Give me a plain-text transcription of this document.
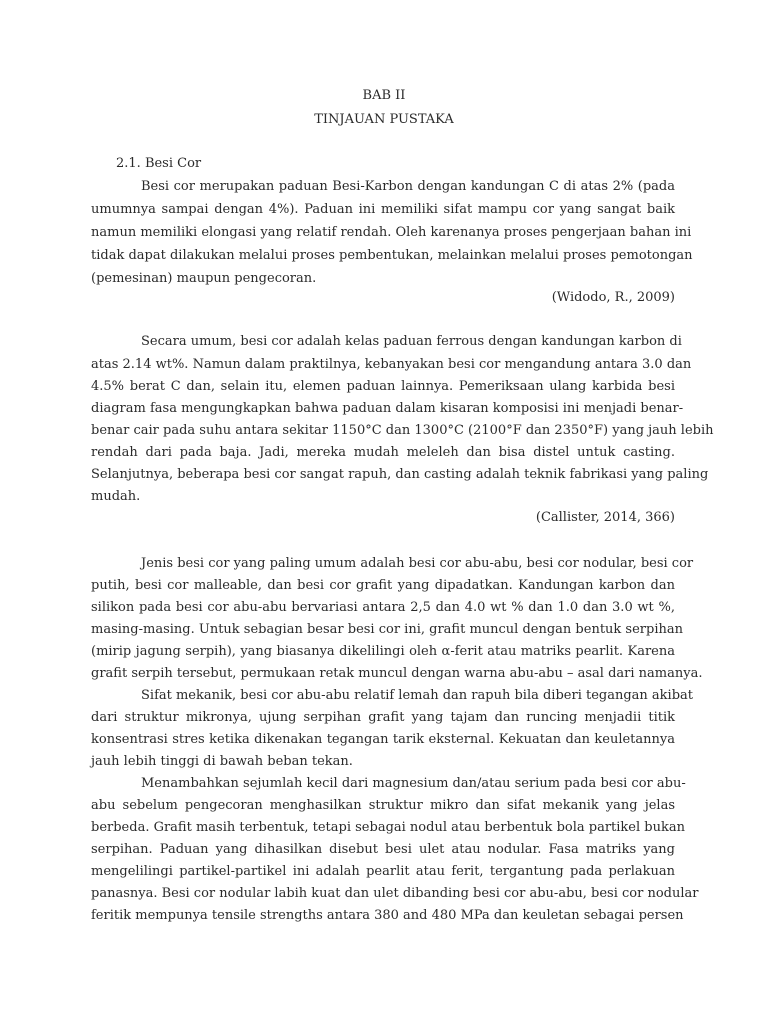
BAB II
TINJAUAN PUSTAKA
2.1. Besi Cor
Besi cor merupakan paduan Besi-Karbon dengan kandungan C di atas 2% (pada
umumnya sampai dengan 4%). Paduan ini memiliki sifat mampu cor yang sangat baik
namun memiliki elongasi yang relatif rendah. Oleh karenanya proses pengerjaan bahan ini
tidak dapat dilakukan melalui proses pembentukan, melainkan melalui proses pemotongan
(pemesinan) maupun pengecoran.
(Widodo, R., 2009)
Secara umum, besi cor adalah kelas paduan ferrous dengan kandungan karbon di
atas 2.14 wt%. Namun dalam praktilnya, kebanyakan besi cor mengandung antara 3.0 dan
4.5% berat C dan, selain itu, elemen paduan lainnya. Pemeriksaan ulang karbida besi
diagram fasa mengungkapkan bahwa paduan dalam kisaran komposisi ini menjadi benar-
benar cair pada suhu antara sekitar 1150°C dan 1300°C (2100°F dan 2350°F) yang jauh lebih
rendah dari pada baja. Jadi, mereka mudah meleleh dan bisa distel untuk casting.
Selanjutnya, beberapa besi cor sangat rapuh, dan casting adalah teknik fabrikasi yang paling
mudah.
(Callister, 2014, 366)
Jenis besi cor yang paling umum adalah besi cor abu-abu, besi cor nodular, besi cor
putih, besi cor malleable, dan besi cor grafit yang dipadatkan. Kandungan karbon dan
silikon pada besi cor abu-abu bervariasi antara 2,5 dan 4.0 wt % dan 1.0 dan 3.0 wt %,
masing-masing. Untuk sebagian besar besi cor ini, grafit muncul dengan bentuk serpihan
(mirip jagung serpih), yang biasanya dikelilingi oleh α-ferit atau matriks pearlit. Karena
grafit serpih tersebut, permukaan retak muncul dengan warna abu-abu – asal dari namanya.
Sifat mekanik, besi cor abu-abu relatif lemah dan rapuh bila diberi tegangan akibat
dari struktur mikronya, ujung serpihan grafit yang tajam dan runcing menjadii titik
konsentrasi stres ketika dikenakan tegangan tarik eksternal. Kekuatan dan keuletannya
jauh lebih tinggi di bawah beban tekan.
Menambahkan sejumlah kecil dari magnesium dan/atau serium pada besi cor abu-
abu sebelum pengecoran menghasilkan struktur mikro dan sifat mekanik yang jelas
berbeda. Grafit masih terbentuk, tetapi sebagai nodul atau berbentuk bola partikel bukan
serpihan. Paduan yang dihasilkan disebut besi ulet atau nodular. Fasa matriks yang
mengelilingi partikel-partikel ini adalah pearlit atau ferit, tergantung pada perlakuan
panasnya. Besi cor nodular labih kuat dan ulet dibanding besi cor abu-abu, besi cor nodular
feritik mempunya tensile strengths antara 380 and 480 MPa dan keuletan sebagai persen
